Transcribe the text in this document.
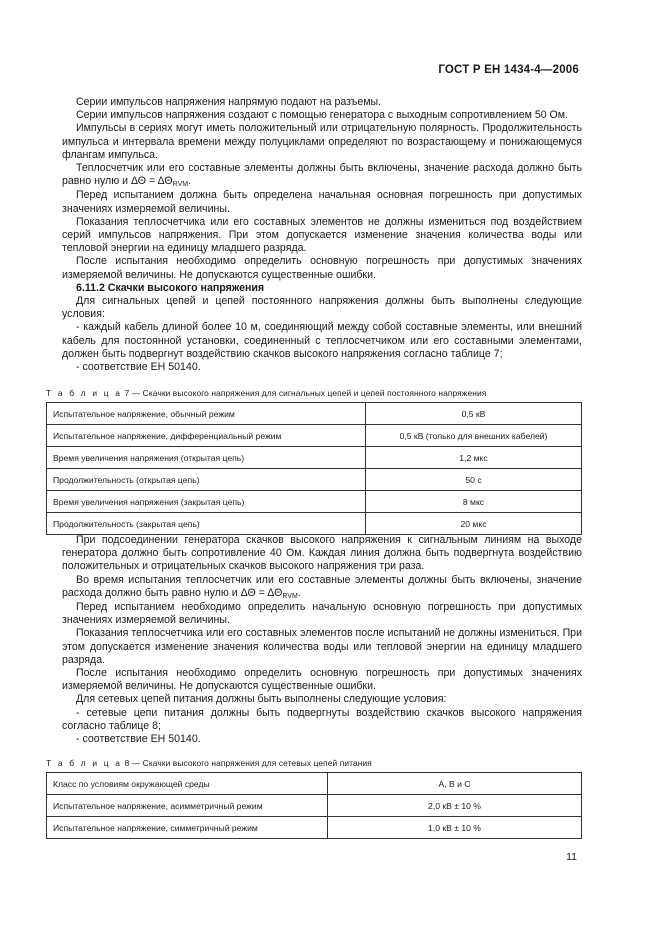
ГОСТ Р ЕН 1434-4—2006

Серии импульсов напряжения напрямую подают на разъемы.

Серии импульсов напряжения создают с помощью генератора с выходным сопротивлением 50 Ом.

Импульсы в сериях могут иметь положительный или отрицательную полярность. Продолжительность импульса и интервала времени между полуциклами определяют по возрастающему и понижающемуся флангам импульса.

Теплосчетчик или его составные элементы должны быть включены, значение расхода должно быть равно нулю и ΔΘ = ΔΘRVM.

Перед испытанием должна быть определена начальная основная погрешность при допустимых значениях измеряемой величины.

Показания теплосчетчика или его составных элементов не должны измениться под воздействием серий импульсов напряжения. При этом допускается изменение значения количества воды или тепловой энергии на единицу младшего разряда.

После испытания необходимо определить основную погрешность при допустимых значениях измеряемой величины. Не допускаются существенные ошибки.

6.11.2 Скачки высокого напряжения

Для сигнальных цепей и цепей постоянного напряжения должны быть выполнены следующие условия:

- каждый кабель длиной более 10 м, соединяющий между собой составные элементы, или внешний кабель для постоянной установки, соединенный с теплосчетчиком или его составными элементами, должен быть подвергнут воздействию скачков высокого напряжения согласно таблице 7;

- соответствие ЕН 50140.

Т а б л и ц а 7 — Скачки высокого напряжения для сигнальных цепей и цепей постоянного напряжения

Испытательное напряжение, обычный режим	0,5 кВ
Испытательное напряжение, дифференциальный режим	0,5 кВ (только для внешних кабелей)
Время увеличения напряжения (открытая цепь)	1,2 мкс
Продолжительность (открытая цепь)	50 с
Время увеличения напряжения (закрытая цепь)	8 мкс
Продолжительность (закрытая цепь)	20 мкс

При подсоединении генератора скачков высокого напряжения к сигнальным линиям на выходе генератора должно быть сопротивление 40 Ом. Каждая линия должна быть подвергнута воздействию положительных и отрицательных скачков высокого напряжения три раза.

Во время испытания теплосчетчик или его составные элементы должны быть включены, значение расхода должно быть равно нулю и ΔΘ = ΔΘRVM.

Перед испытанием необходимо определить начальную основную погрешность при допустимых значениях измеряемой величины.

Показания теплосчетчика или его составных элементов после испытаний не должны измениться. При этом допускается изменение значения количества воды или тепловой энергии на единицу младшего разряда.

После испытания необходимо определить основную погрешность при допустимых значениях измеряемой величины. Не допускаются существенные ошибки.

Для сетевых цепей питания должны быть выполнены следующие условия:

- сетевые цепи питания должны быть подвергнуты воздействию скачков высокого напряжения согласно таблице 8;

- соответствие ЕН 50140.

Т а б л и ц а 8 — Скачки высокого напряжения для сетевых цепей питания

Класс по условиям окружающей среды	А, В и С
Испытательное напряжение, асимметричный режим	2,0 кВ ± 10 %
Испытательное напряжение, симметричный режим	1,0 кВ ± 10 %
11
